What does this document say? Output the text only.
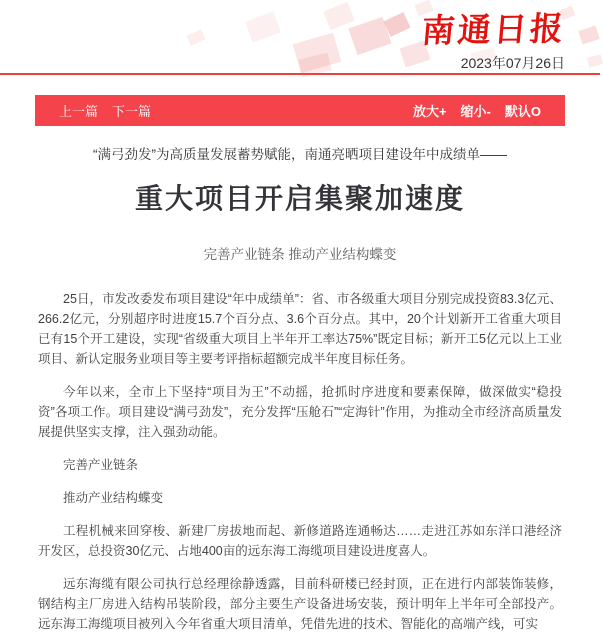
南通日报
2023年07月26日
上一篇 下一篇	放大+ 缩小- 默认O
“满弓劲发”为高质量发展蓄势赋能，南通亮晒项目建设年中成绩单——
重大项目开启集聚加速度
完善产业链条 推动产业结构蝶变

25日，市发改委发布项目建设“年中成绩单”：省、市各级重大项目分别完成投资83.3亿元、266.2亿元，分别超序时进度15.7个百分点、3.6个百分点。其中，20个计划新开工省重大项目已有15个开工建设，实现“省级重大项目上半年开工率达75%”既定目标；新开工5亿元以上工业项目、新认定服务业项目等主要考评指标超额完成半年度目标任务。

今年以来，全市上下坚持“项目为王”不动摇，抢抓时序进度和要素保障，做深做实“稳投资”各项工作。项目建设“满弓劲发”，充分发挥“压舱石”“定海针”作用，为推动全市经济高质量发展提供坚实支撑，注入强劲动能。

完善产业链条

推动产业结构蝶变

工程机械来回穿梭、新建厂房拔地而起、新修道路连通畅达……走进江苏如东洋口港经济开发区，总投资30亿元、占地400亩的远东海工海缆项目建设进度喜人。

远东海缆有限公司执行总经理徐静透露，目前科研楼已经封顶，正在进行内部装饰装修，钢结构主厂房进入结构吊装阶段，部分主要生产设备进场安装，预计明年上半年可全部投产。远东海工海缆项目被列入今年省重大项目清单，凭借先进的技术、智能化的高端产线，可实
